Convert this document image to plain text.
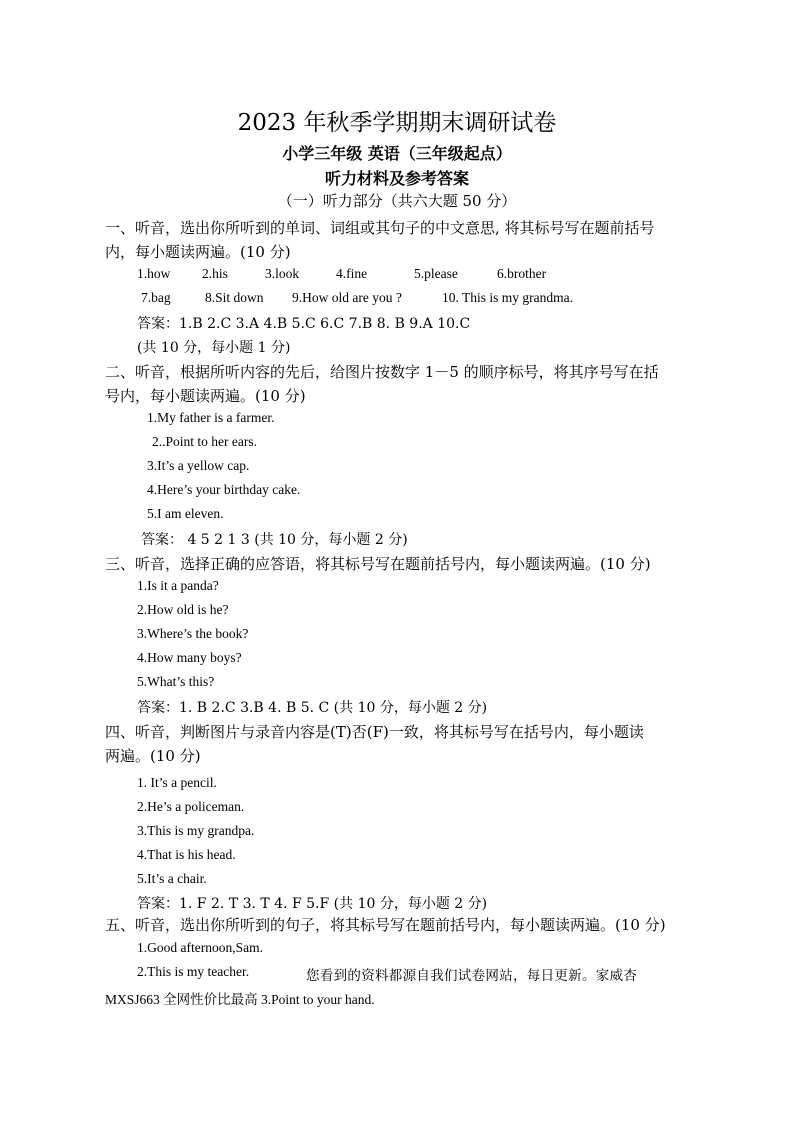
2023 年秋季学期期末调研试卷
小学三年级 英语（三年级起点）
听力材料及参考答案
（一）听力部分（共六大题 50 分）
一、听音，选出你所听到的单词、词组或其句子的中文意思, 将其标号写在题前括号
内，每小题读两遍。(10 分)
1.how 2.his	3.look	4.fine	5.please	6.brother
7.bag	8.Sit down 9.How old are you ?	10. This is my grandma.
答案：1.B 2.C 3.A 4.B 5.C 6.C 7.B 8. B 9.A 10.C
(共 10 分，每小题 1 分)
二、听音，根据所听内容的先后，给图片按数字 1－5 的顺序标号，将其序号写在括
号内，每小题读两遍。(10 分)
1.My father is a farmer.
2..Point to her ears.
3.It’s a yellow cap.
4.Here’s your birthday cake.
5.I am eleven.
答案： 4 5 2 1 3 (共 10 分，每小题 2 分)
三、听音，选择正确的应答语，将其标号写在题前括号内，每小题读两遍。(10 分)
1.Is it a panda?
2.How old is he?
3.Where’s the book?
4.How many boys?
5.What’s this?
答案：1. B 2.C 3.B 4. B 5. C (共 10 分，每小题 2 分)
四、听音，判断图片与录音内容是(T)否(F)一致，将其标号写在括号内，每小题读
两遍。(10 分)
1. It’s a pencil.
2.He’s a policeman.
3.This is my grandpa.
4.That is his head.
5.It’s a chair.
答案：1. F 2. T 3. T 4. F 5.F (共 10 分，每小题 2 分)
五、听音，选出你所听到的句子，将其标号写在题前括号内，每小题读两遍。(10 分)
1.Good afternoon,Sam.
2.This is my teacher.	您看到的资料都源自我们试卷网站，每日更新。家威杏
MXSJ663 全网性价比最高 3.Point to your hand.
